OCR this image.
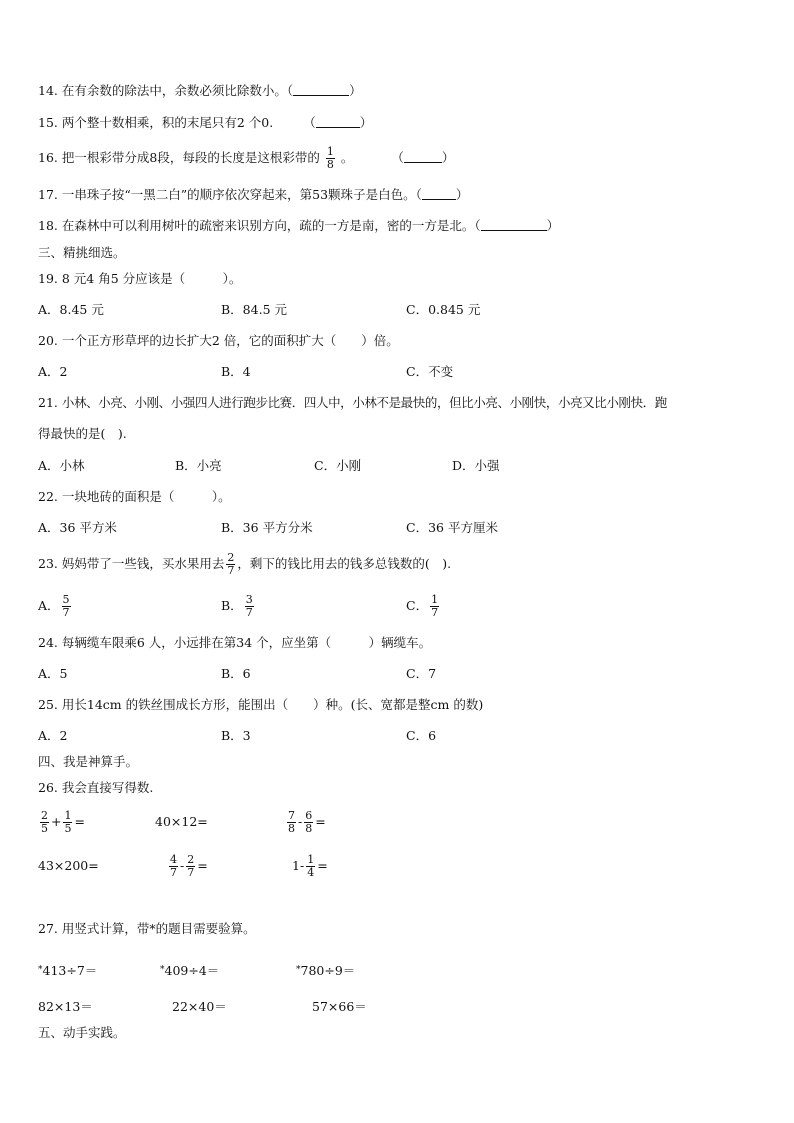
14. 在有余数的除法中，余数必须比除数小。（	）
15. 两个整十数相乘，积的末尾只有2 个0. （	）
16. 把一根彩带分成8段，每段的长度是这根彩带的 $\frac{1}{8}$ 。	（	）
17. 一串珠子按“一黑二白”的顺序依次穿起来，第53颗珠子是白色。（	）
18. 在森林中可以利用树叶的疏密来识别方向，疏的一方是南，密的一方是北。（	）
三、精挑细选。
19. 8 元4 角5 分应该是（　　　）。
A．8.45 元	B．84.5 元	C．0.845 元
20. 一个正方形草坪的边长扩大2 倍，它的面积扩大（　　）倍。
A．2	B．4	C．不变
21. 小林、小亮、小刚、小强四人进行跑步比赛．四人中，小林不是最快的，但比小亮、小刚快，小亮又比小刚快．跑
得最快的是(　).
A．小林	B．小亮	C．小刚	D．小强
22. 一块地砖的面积是（　　　）。
A．36 平方米	B．36 平方分米	C．36 平方厘米
23. 妈妈带了一些钱，买水果用去 $\frac{2}{7}$ ，剩下的钱比用去的钱多总钱数的(　).
A． $\frac{5}{7}$	B． $\frac{3}{7}$	C． $\frac{1}{7}$
24. 每辆缆车限乘6 人，小远排在第34 个，应坐第（　　　）辆缆车。
A．5	B．6	C．7
25. 用长14cm 的铁丝围成长方形，能围出（　　）种。(长、宽都是整cm 的数)
A．2	B．3	C．6
四、我是神算手。
26. 我会直接写得数.
$\frac{2}{5} + \frac{1}{5}$ =	40×12=	$\frac{7}{8} - \frac{6}{8}$ =
43×200=	$\frac{4}{7} - \frac{2}{7}$ =	$1- \frac{1}{4}$ =
27. 用竖式计算，带*的题目需要验算。
*413÷7＝	*409÷4＝	*780÷9＝
82×13＝	22×40＝	57×66＝
五、动手实践。
